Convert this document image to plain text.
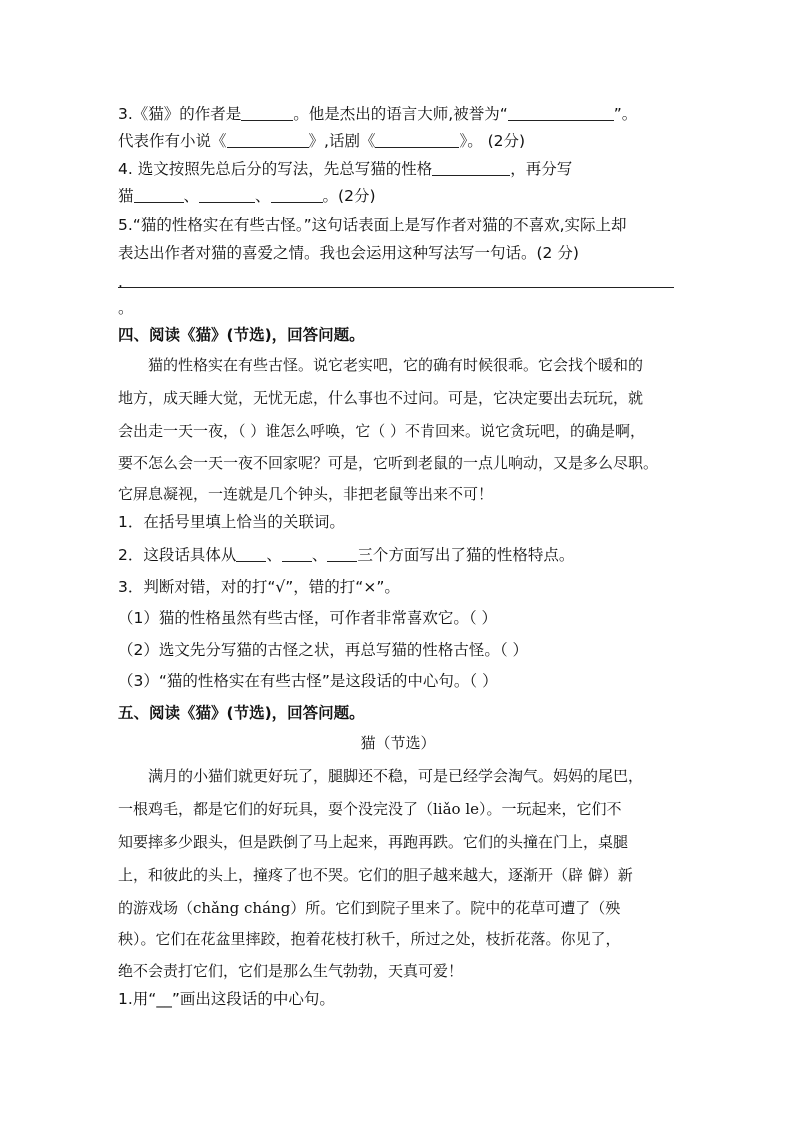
3.《猫》的作者是	。他是杰出的语言大师,被誉为“	”。
代表作有小说《	》,话剧《	》。 (2分)
4. 选文按照先总后分的写法，先总写猫的性格	，再分写
猫	、	、	。(2分)
5.“猫的性格实在有些古怪。”这句话表面上是写作者对猫的不喜欢,实际上却
表达出作者对猫的喜爱之情。我也会运用这种写法写一句话。(2 分)
.
。
四、阅读《猫》(节选)，回答问题。
猫的性格实在有些古怪。说它老实吧，它的确有时候很乖。它会找个暖和的
地方，成天睡大觉，无忧无虑，什么事也不过问。可是，它决定要出去玩玩，就
会出走一天一夜，（ ）谁怎么呼唤，它（ ）不肯回来。说它贪玩吧，的确是啊，
要不怎么会一天一夜不回家呢？可是，它听到老鼠的一点儿响动，又是多么尽职。
它屏息凝视，一连就是几个钟头，非把老鼠等出来不可！
1．在括号里填上恰当的关联词。
2．这段话具体从 、 、 三个方面写出了猫的性格特点。
3．判断对错，对的打“√”，错的打“×”。
（1）猫的性格虽然有些古怪，可作者非常喜欢它。（ ）
（2）选文先分写猫的古怪之状，再总写猫的性格古怪。（ ）
（3）“猫的性格实在有些古怪”是这段话的中心句。（ ）
五、阅读《猫》(节选)，回答问题。
猫（节选）
满月的小猫们就更好玩了，腿脚还不稳，可是已经学会淘气。妈妈的尾巴，
一根鸡毛，都是它们的好玩具，耍个没完没了（liǎo le）。一玩起来，它们不
知要摔多少跟头，但是跌倒了马上起来，再跑再跌。它们的头撞在门上，桌腿
上，和彼此的头上，撞疼了也不哭。它们的胆子越来越大，逐渐开（辟 僻）新
的游戏场（chǎng cháng）所。它们到院子里来了。院中的花草可遭了（殃
秧）。它们在花盆里摔跤，抱着花枝打秋千，所过之处，枝折花落。你见了，
绝不会责打它们，它们是那么生气勃勃，天真可爱！
1.用“__”画出这段话的中心句。
